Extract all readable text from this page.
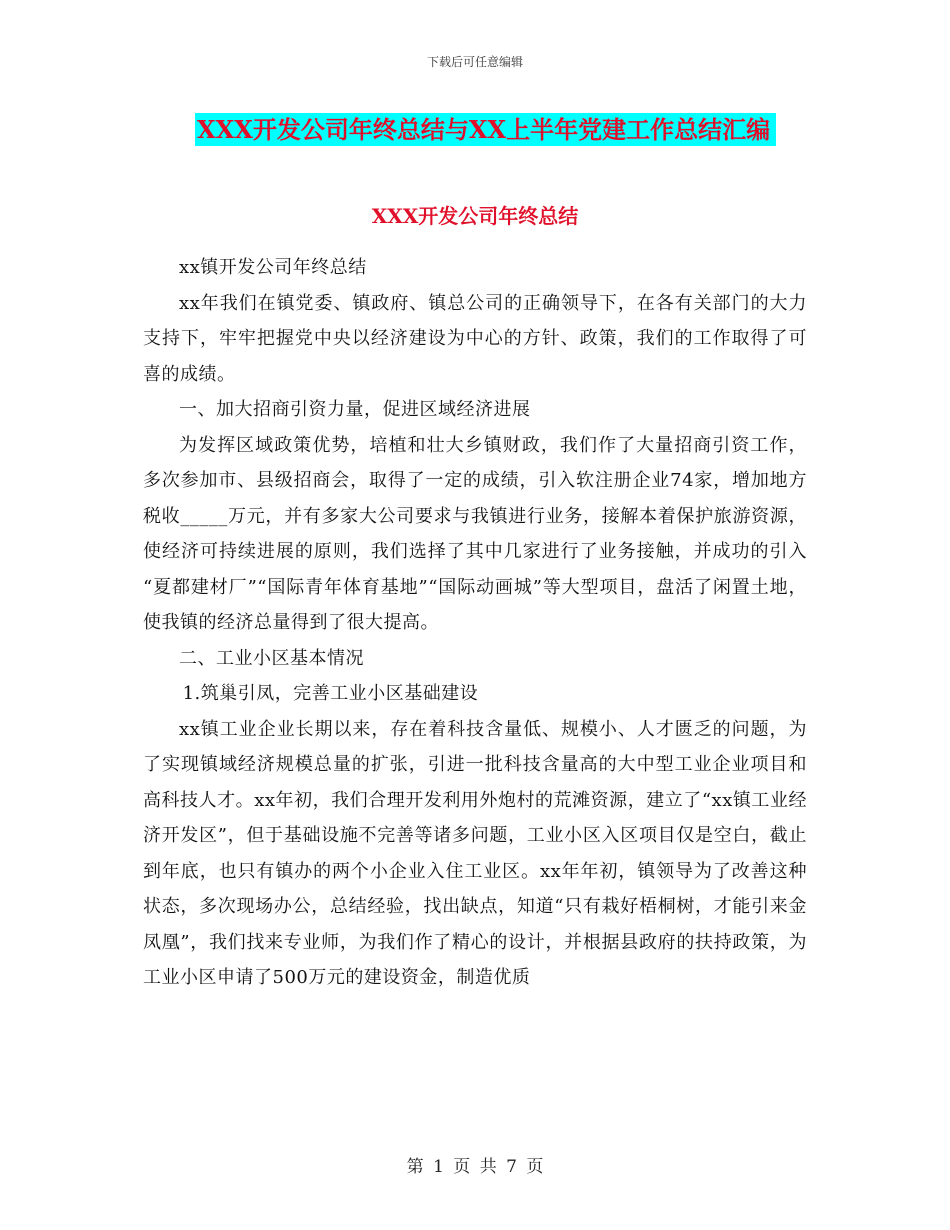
下载后可任意编辑
XXX开发公司年终总结与XX上半年党建工作总结汇编
XXX开发公司年终总结

xx镇开发公司年终总结

xx年我们在镇党委、镇政府、镇总公司的正确领导下，在各有关部门的大力支持下，牢牢把握党中央以经济建设为中心的方针、政策，我们的工作取得了可喜的成绩。

一、加大招商引资力量，促进区域经济进展

为发挥区域政策优势，培植和壮大乡镇财政，我们作了大量招商引资工作，多次参加市、县级招商会，取得了一定的成绩，引入软注册企业74家，增加地方税收_____万元，并有多家大公司要求与我镇进行业务，接解本着保护旅游资源，使经济可持续进展的原则，我们选择了其中几家进行了业务接触，并成功的引入 “夏都建材厂”“国际青年体育基地”“国际动画城”等大型项目，盘活了闲置土地，使我镇的经济总量得到了很大提高。

二、工业小区基本情况

1.筑巢引凤，完善工业小区基础建设

xx镇工业企业长期以来，存在着科技含量低、规模小、人才匮乏的问题，为了实现镇域经济规模总量的扩张，引进一批科技含量高的大中型工业企业项目和高科技人才。xx年初，我们合理开发利用外炮村的荒滩资源，建立了“xx镇工业经济开发区”，但于基础设施不完善等诸多问题，工业小区入区项目仅是空白，截止到年底，也只有镇办的两个小企业入住工业区。xx年年初，镇领导为了改善这种状态，多次现场办公，总结经验，找出缺点，知道“只有栽好梧桐树，才能引来金凤凰”，我们找来专业师，为我们作了精心的设计，并根据县政府的扶持政策，为工业小区申请了500万元的建设资金，制造优质

第 1 页 共 7 页
